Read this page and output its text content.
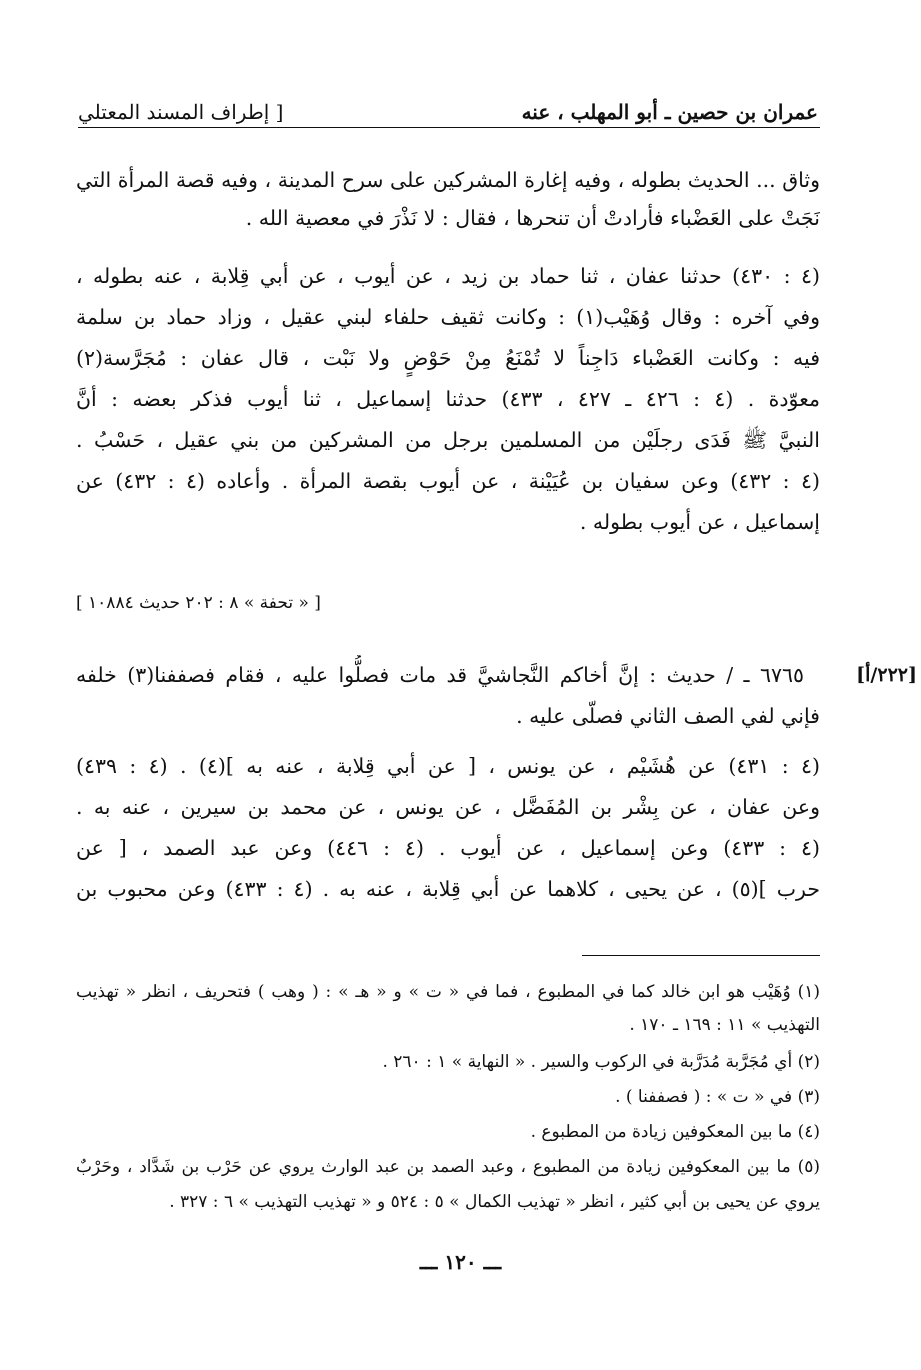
عمران بن حصين ـ أبو المهلب ، عنه
[ إطراف المسند المعتلي
وثاق ... الحديث بطوله ، وفيه إغارة المشركين على سرح المدينة ، وفيه قصة المرأة التي
نَجَتْ على العَضْباء فأرادتْ أن تنحرها ، فقال : لا نَذْرَ في معصية الله .
(٤ : ٤٣٠) حدثنا عفان ، ثنا حماد بن زيد ، عن أيوب ، عن أبي قِلابة ، عنه بطوله ،
وفي آخره : وقال وُهَيْب(١) : وكانت ثقيف حلفاء لبني عقيل ، وزاد حماد بن سلمة
فيه : وكانت العَضْباء دَاجِناً لا تُمْنَعُ مِنْ حَوْضٍ ولا نَبْت ، قال عفان : مُجَرَّسة(٢)
معوّدة . (٤ : ٤٢٦ ـ ٤٢٧ ، ٤٣٣) حدثنا إسماعيل ، ثنا أيوب فذكر بعضه : أنَّ
النبيَّ ﷺ فَدَى رجلَيْن من المسلمين برجل من المشركين من بني عقيل ، حَسْبُ .
(٤ : ٤٣٢) وعن سفيان بن عُيَيْنة ، عن أيوب بقصة المرأة . وأعاده (٤ : ٤٣٢) عن
إسماعيل ، عن أيوب بطوله .
[ « تحفة » ٨ : ٢٠٢ حديث ١٠٨٨٤ ]
[٢٢٢/أ]
٦٧٦٥ ـ / حديث : إنَّ أخاكم النَّجاشيَّ قد مات فصلُّوا عليه ، فقام فصففنا(٣) خلفه
فإني لفي الصف الثاني فصلّى عليه .
(٤ : ٤٣١) عن هُشَيْم ، عن يونس ، [ عن أبي قِلابة ، عنه به ](٤) . (٤ : ٤٣٩)
وعن عفان ، عن بِشْر بن المُفَضَّل ، عن يونس ، عن محمد بن سيرين ، عنه به .
(٤ : ٤٣٣) وعن إسماعيل ، عن أيوب . (٤ : ٤٤٦) وعن عبد الصمد ، [ عن
حرب ](٥) ، عن يحيى ، كلاهما عن أبي قِلابة ، عنه به . (٤ : ٤٣٣) وعن محبوب بن
(١) وُهَيْب هو ابن خالد كما في المطبوع ، فما في « ت » و « هـ » : ( وهب ) فتحريف ، انظر « تهذيب
التهذيب » ١١ : ١٦٩ ـ ١٧٠ .
(٢) أي مُجَرَّبة مُدَرَّبة في الركوب والسير . « النهاية » ١ : ٢٦٠ .
(٣) في « ت » : ( فصففنا ) .
(٤) ما بين المعكوفين زيادة من المطبوع .
(٥) ما بين المعكوفين زيادة من المطبوع ، وعبد الصمد بن عبد الوارث يروي عن حَرْب بن شَدَّاد ، وحَرْبٌ
يروي عن يحيى بن أبي كثير ، انظر « تهذيب الكمال » ٥ : ٥٢٤ و « تهذيب التهذيب » ٦ : ٣٢٧ .
ـــ ١٢٠ ـــ
